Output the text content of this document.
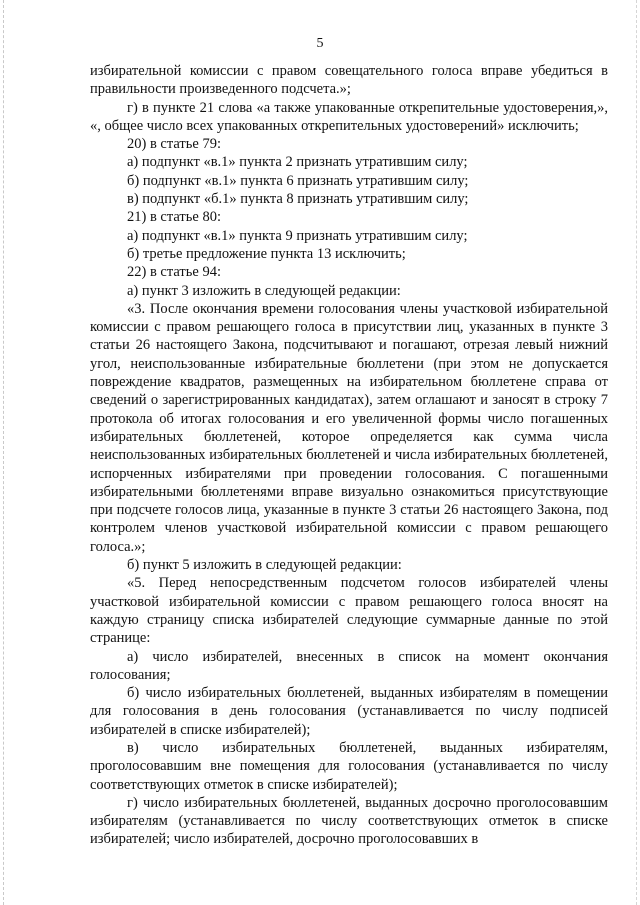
5

избирательной комиссии с правом совещательного голоса вправе убедиться в правильности произведенного подсчета.»;

г) в пункте 21 слова «а также упакованные открепительные удостоверения,», «, общее число всех упакованных открепительных удостоверений» исключить;

20) в статье 79:

а) подпункт «в.1» пункта 2 признать утратившим силу;

б) подпункт «в.1» пункта 6 признать утратившим силу;

в) подпункт «б.1» пункта 8 признать утратившим силу;

21) в статье 80:

а) подпункт «в.1» пункта 9 признать утратившим силу;

б) третье предложение пункта 13 исключить;

22) в статье 94:

а) пункт 3 изложить в следующей редакции:

«3. После окончания времени голосования члены участковой избирательной комиссии с правом решающего голоса в присутствии лиц, указанных в пункте 3 статьи 26 настоящего Закона, подсчитывают и погашают, отрезая левый нижний угол, неиспользованные избирательные бюллетени (при этом не допускается повреждение квадратов, размещенных на избирательном бюллетене справа от сведений о зарегистрированных кандидатах), затем оглашают и заносят в строку 7 протокола об итогах голосования и его увеличенной формы число погашенных избирательных бюллетеней, которое определяется как сумма числа неиспользованных избирательных бюллетеней и числа избирательных бюллетеней, испорченных избирателями при проведении голосования. С погашенными избирательными бюллетенями вправе визуально ознакомиться присутствующие при подсчете голосов лица, указанные в пункте 3 статьи 26 настоящего Закона, под контролем членов участковой избирательной комиссии с правом решающего голоса.»;

б) пункт 5 изложить в следующей редакции:

«5. Перед непосредственным подсчетом голосов избирателей члены участковой избирательной комиссии с правом решающего голоса вносят на каждую страницу списка избирателей следующие суммарные данные по этой странице:

а) число избирателей, внесенных в список на момент окончания голосования;

б) число избирательных бюллетеней, выданных избирателям в помещении для голосования в день голосования (устанавливается по числу подписей избирателей в списке избирателей);

в) число избирательных бюллетеней, выданных избирателям, проголосовавшим вне помещения для голосования (устанавливается по числу соответствующих отметок в списке избирателей);

г) число избирательных бюллетеней, выданных досрочно проголосовавшим избирателям (устанавливается по числу соответствующих отметок в списке избирателей; число избирателей, досрочно проголосовавших в
